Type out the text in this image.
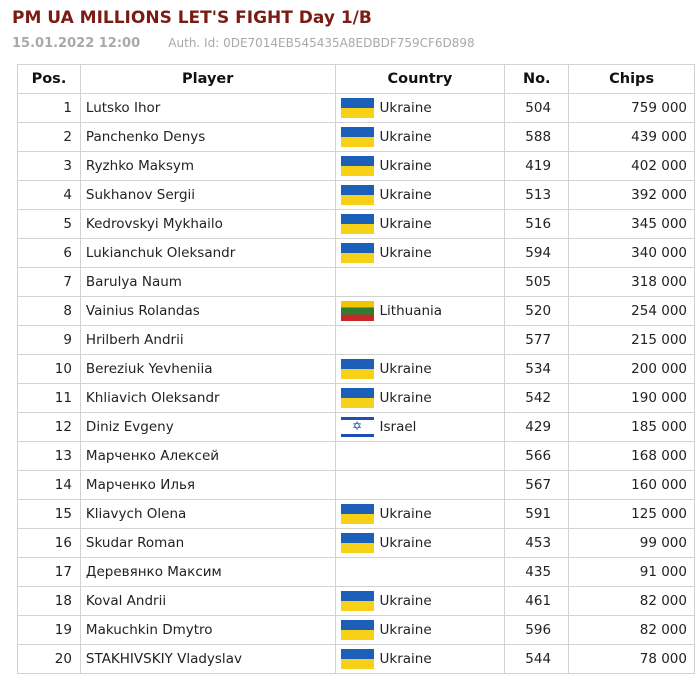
PM UA MILLIONS LET'S FIGHT Day 1/B
15.01.2022 12:00 Auth. Id: 0DE7014EB545435A8EDBDF759CF6D898
Pos.	Player	Country	No.	Chips
1	Lutsko Ihor	Ukraine	504	759 000
2	Panchenko Denys	Ukraine	588	439 000
3	Ryzhko Maksym	Ukraine	419	402 000
4	Sukhanov Sergii	Ukraine	513	392 000
5	Kedrovskyi Mykhailo	Ukraine	516	345 000
6	Lukianchuk Oleksandr	Ukraine	594	340 000
7	Barulya Naum		505	318 000
8	Vainius Rolandas	Lithuania	520	254 000
9	Hrilberh Andrii		577	215 000
10	Bereziuk Yevheniia	Ukraine	534	200 000
11	Khliavich Oleksandr	Ukraine	542	190 000
12	Diniz Evgeny	✡ Israel	429	185 000
13	Марченко Алексей		566	168 000
14	Марченко Илья		567	160 000
15	Kliavych Olena	Ukraine	591	125 000
16	Skudar Roman	Ukraine	453	99 000
17	Деревянко Максим		435	91 000
18	Koval Andrii	Ukraine	461	82 000
19	Makuchkin Dmytro	Ukraine	596	82 000
20	STAKHIVSKIY Vladyslav	Ukraine	544	78 000
